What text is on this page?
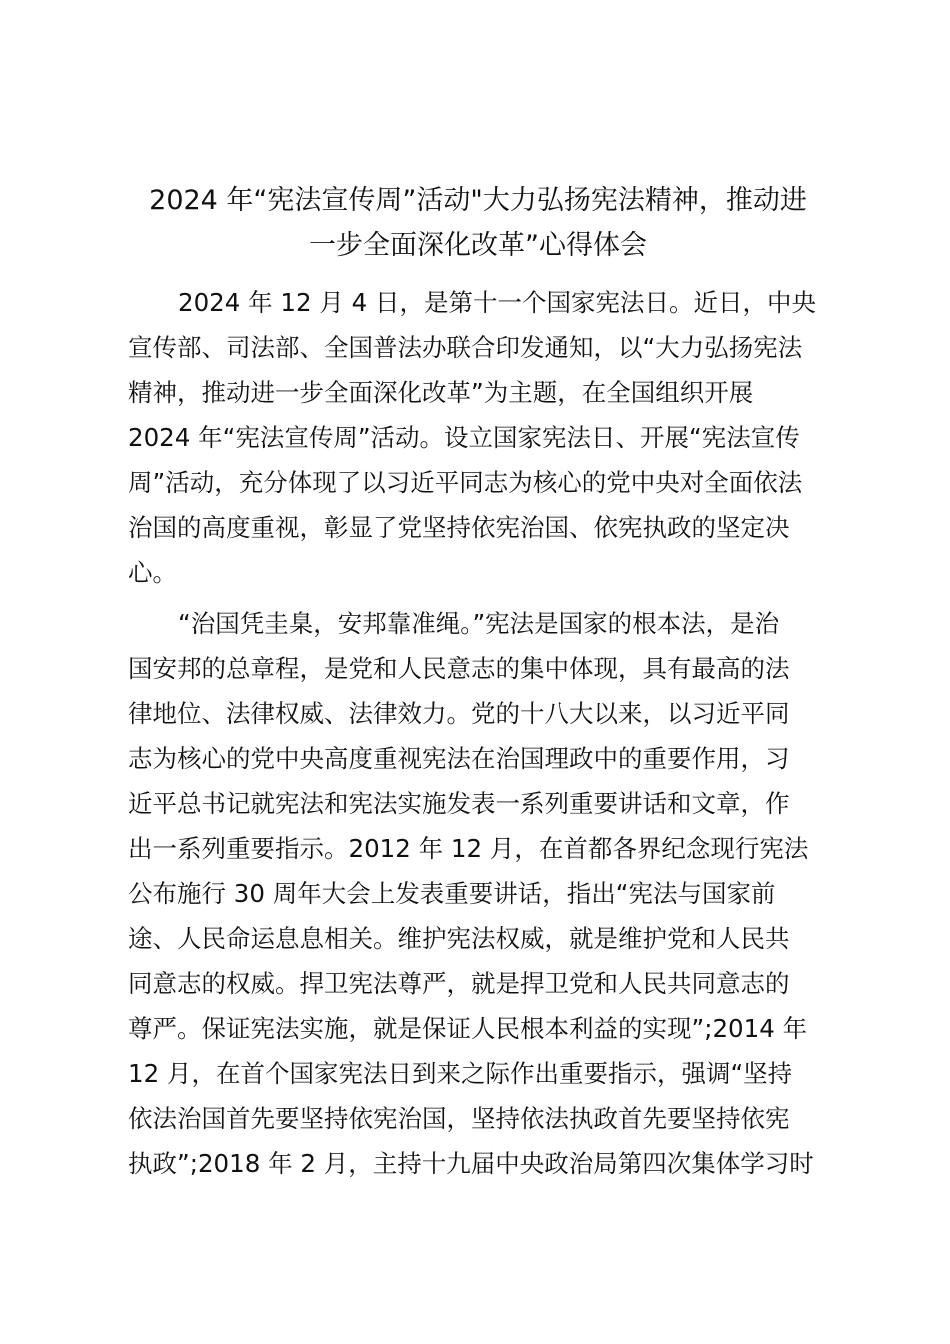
2024 年“宪法宣传周”活动"大力弘扬宪法精神，推动进
一步全面深化改革”心得体会
2024 年 12 月 4 日，是第十一个国家宪法日。近日，中央
宣传部、司法部、全国普法办联合印发通知，以“大力弘扬宪法
精神，推动进一步全面深化改革”为主题，在全国组织开展
2024 年“宪法宣传周”活动。设立国家宪法日、开展“宪法宣传
周”活动，充分体现了以习近平同志为核心的党中央对全面依法
治国的高度重视，彰显了党坚持依宪治国、依宪执政的坚定决
心。
“治国凭圭臬，安邦靠准绳。”宪法是国家的根本法，是治
国安邦的总章程，是党和人民意志的集中体现，具有最高的法
律地位、法律权威、法律效力。党的十八大以来，以习近平同
志为核心的党中央高度重视宪法在治国理政中的重要作用，习
近平总书记就宪法和宪法实施发表一系列重要讲话和文章，作
出一系列重要指示。2012 年 12 月，在首都各界纪念现行宪法
公布施行 30 周年大会上发表重要讲话，指出“宪法与国家前
途、人民命运息息相关。维护宪法权威，就是维护党和人民共
同意志的权威。捍卫宪法尊严，就是捍卫党和人民共同意志的
尊严。保证宪法实施，就是保证人民根本利益的实现”;2014 年
12 月，在首个国家宪法日到来之际作出重要指示，强调“坚持
依法治国首先要坚持依宪治国，坚持依法执政首先要坚持依宪
执政”;2018 年 2 月，主持十九届中央政治局第四次集体学习时
